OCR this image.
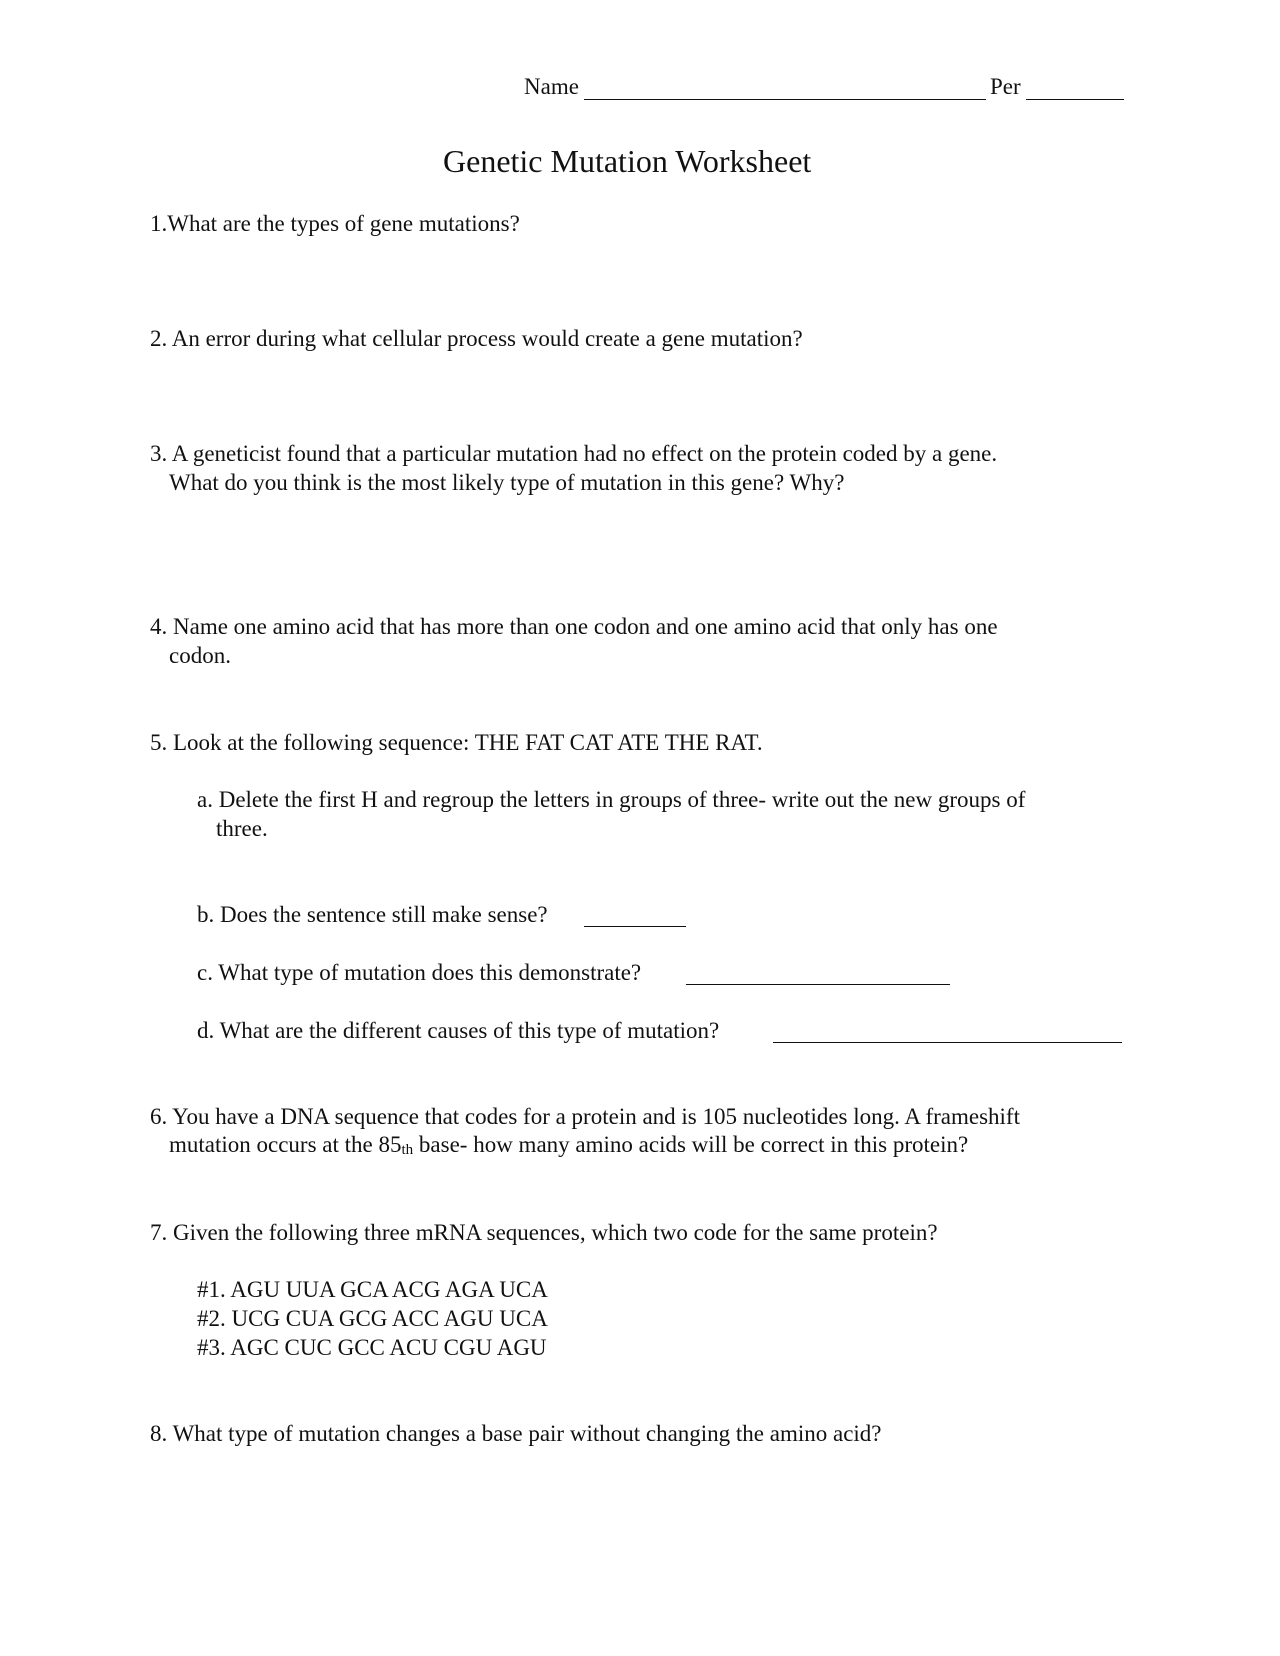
Name	Per
Genetic Mutation Worksheet
1.What are the types of gene mutations?
2. An error during what cellular process would create a gene mutation?
3. A geneticist found that a particular mutation had no effect on the protein coded by a gene.
What do you think is the most likely type of mutation in this gene? Why?
4. Name one amino acid that has more than one codon and one amino acid that only has one
codon.
5. Look at the following sequence: THE FAT CAT ATE THE RAT.
a. Delete the first H and regroup the letters in groups of three- write out the new groups of
three.
b. Does the sentence still make sense?
c. What type of mutation does this demonstrate?
d. What are the different causes of this type of mutation?
6. You have a DNA sequence that codes for a protein and is 105 nucleotides long. A frameshift
mutation occurs at the $85_{th}$ base- how many amino acids will be correct in this protein?
7. Given the following three mRNA sequences, which two code for the same protein?
#1. AGU UUA GCA ACG AGA UCA
#2. UCG CUA GCG ACC AGU UCA
#3. AGC CUC GCC ACU CGU AGU
8. What type of mutation changes a base pair without changing the amino acid?
